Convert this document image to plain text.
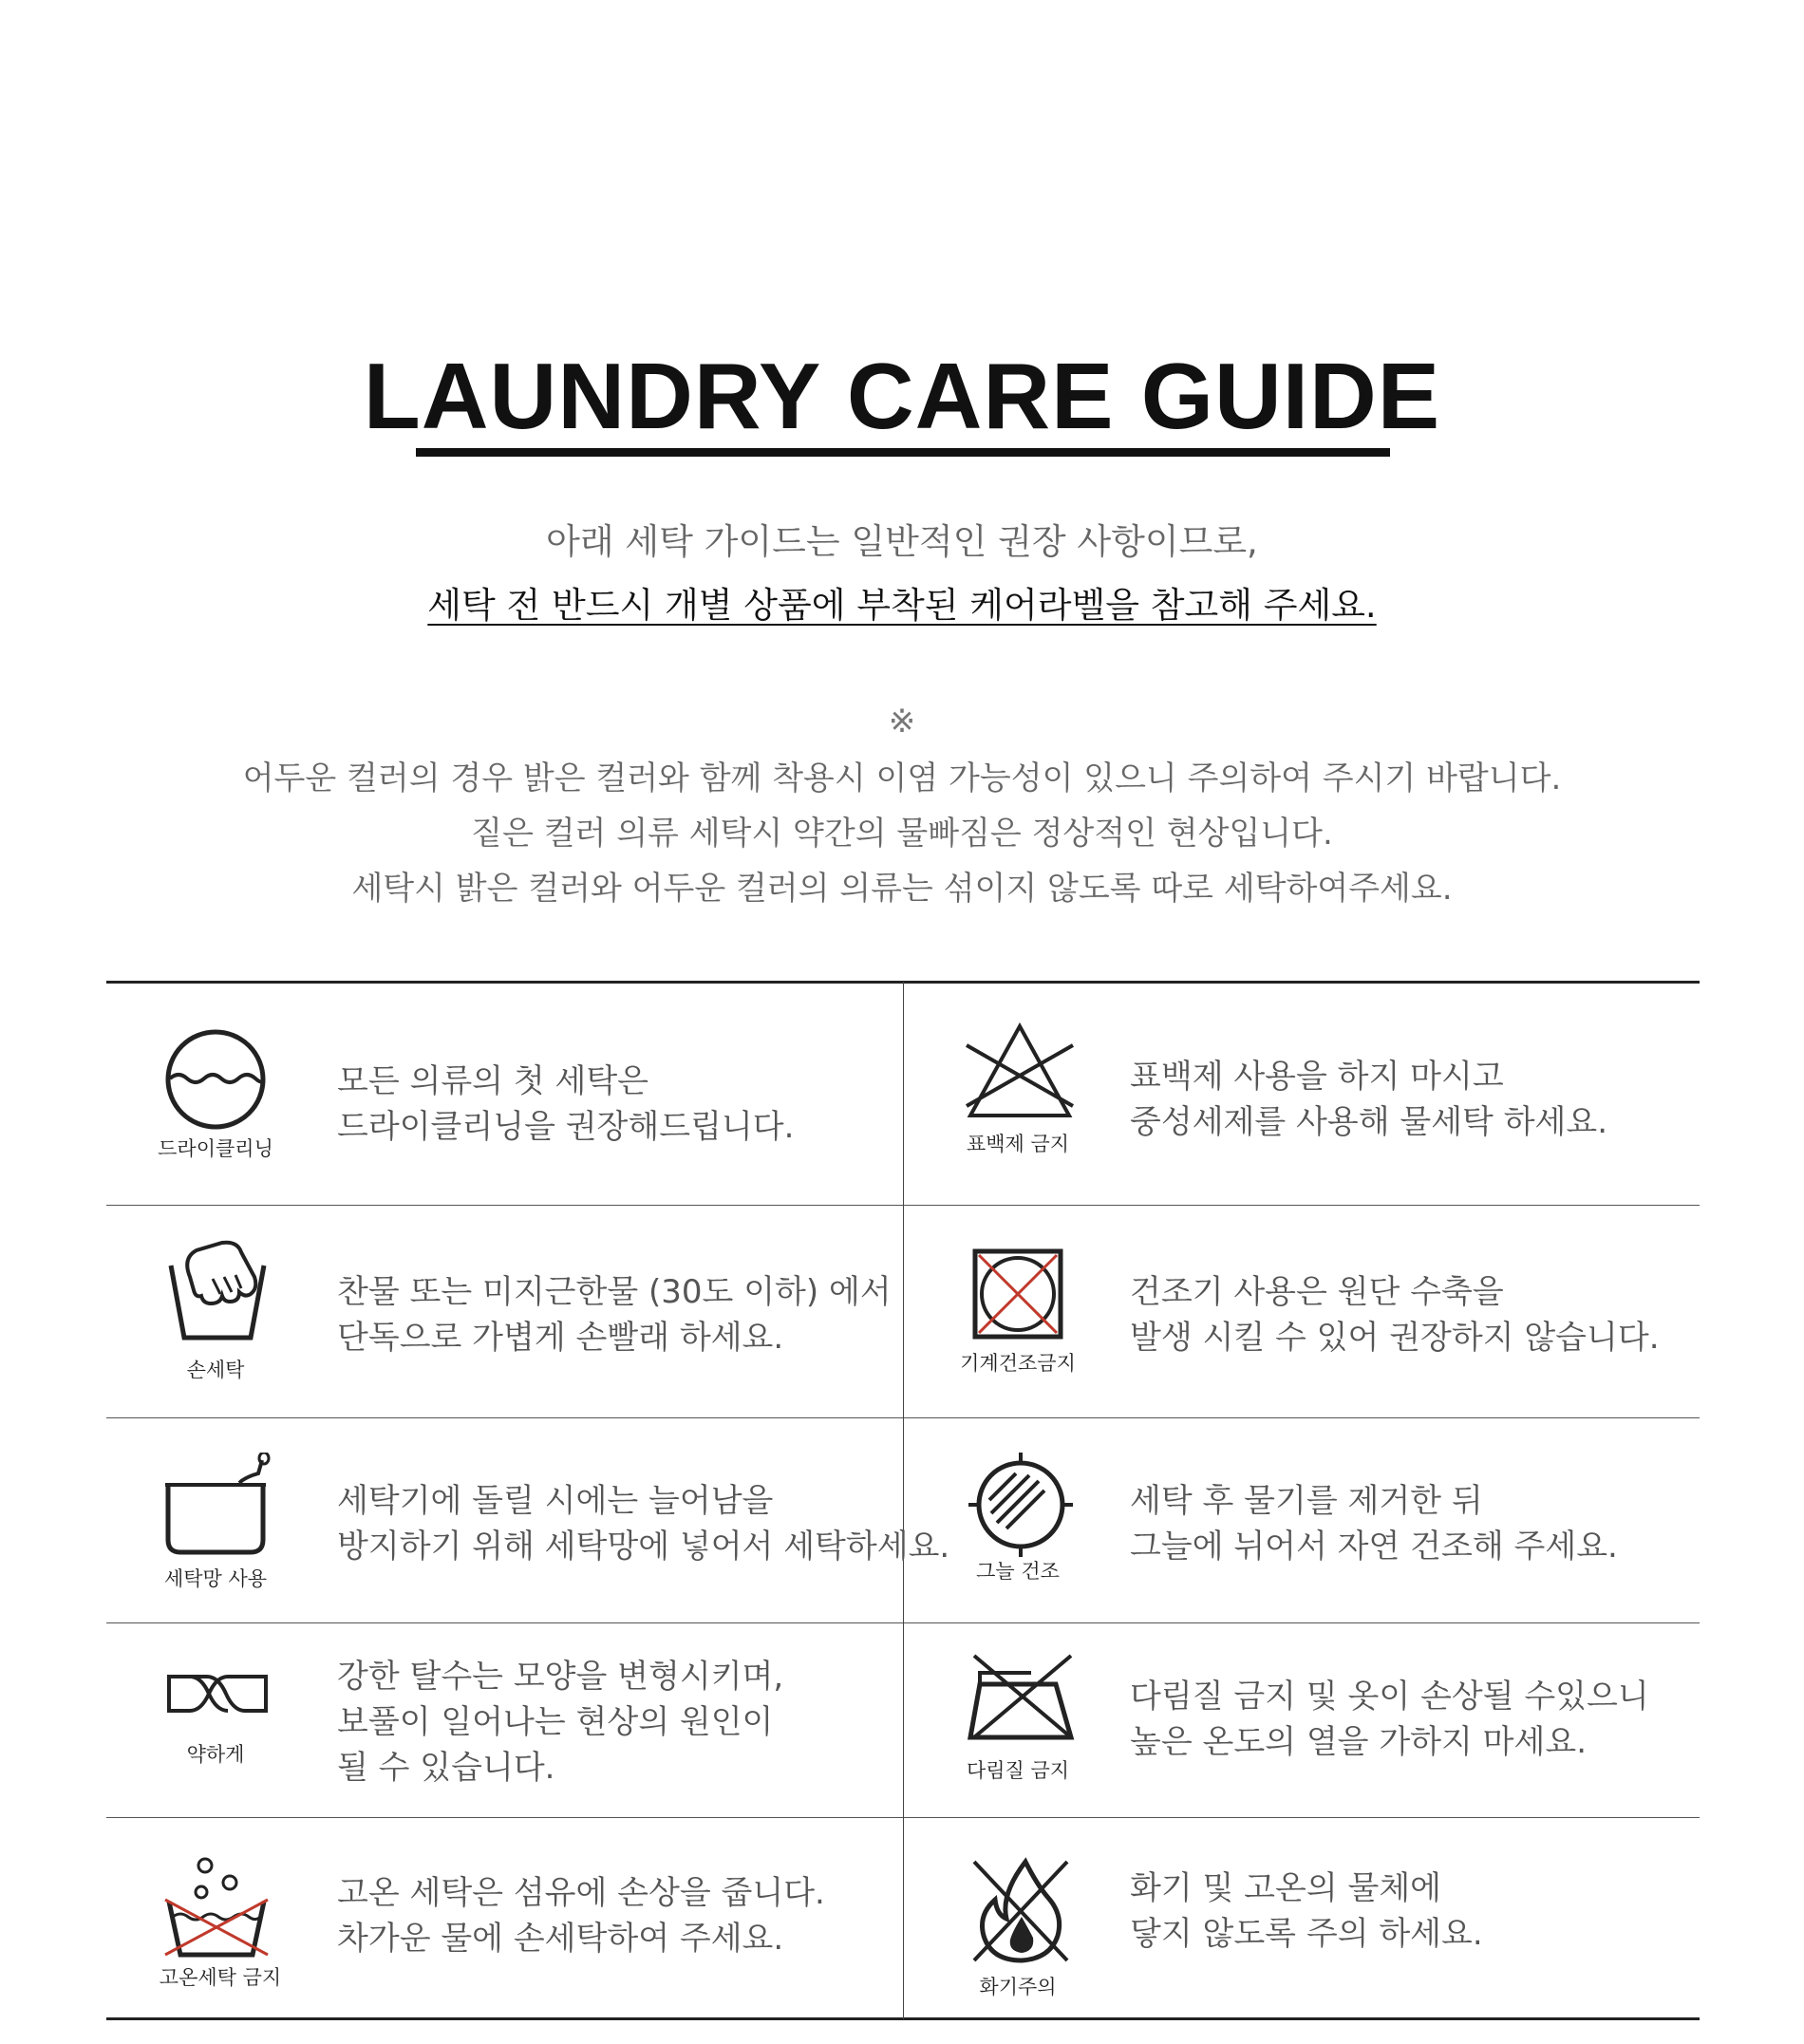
LAUNDRY CARE GUIDE
아래 세탁 가이드는 일반적인 권장 사항이므로,
세탁 전 반드시 개별 상품에 부착된 케어라벨을 참고해 주세요.
※
어두운 컬러의 경우 밝은 컬러와 함께 착용시 이염 가능성이 있으니 주의하여 주시기 바랍니다.
짙은 컬러 의류 세탁시 약간의 물빠짐은 정상적인 현상입니다.
세탁시 밝은 컬러와 어두운 컬러의 의류는 섞이지 않도록 따로 세탁하여주세요.
드라이클리닝
모든 의류의 첫 세탁은
드라이클리닝을 권장해드립니다.	표백제 금지
표백제 사용을 하지 마시고
중성세제를 사용해 물세탁 하세요.
손세탁
찬물 또는 미지근한물 (30도 이하) 에서
단독으로 가볍게 손빨래 하세요.
기계건조금지
건조기 사용은 원단 수축을
발생 시킬 수 있어 권장하지 않습니다.
세탁망 사용
세탁기에 돌릴 시에는 늘어남을
방지하기 위해 세탁망에 넣어서 세탁하세요.
그늘 건조
세탁 후 물기를 제거한 뒤
그늘에 뉘어서 자연 건조해 주세요.
약하게
강한 탈수는 모양을 변형시키며,
보풀이 일어나는 현상의 원인이
될 수 있습니다.	다림질 금지
다림질 금지 및 옷이 손상될 수있으니
높은 온도의 열을 가하지 마세요.
고온세탁 금지
고온 세탁은 섬유에 손상을 줍니다.
차가운 물에 손세탁하여 주세요.
화기주의
화기 및 고온의 물체에
닿지 않도록 주의 하세요.
